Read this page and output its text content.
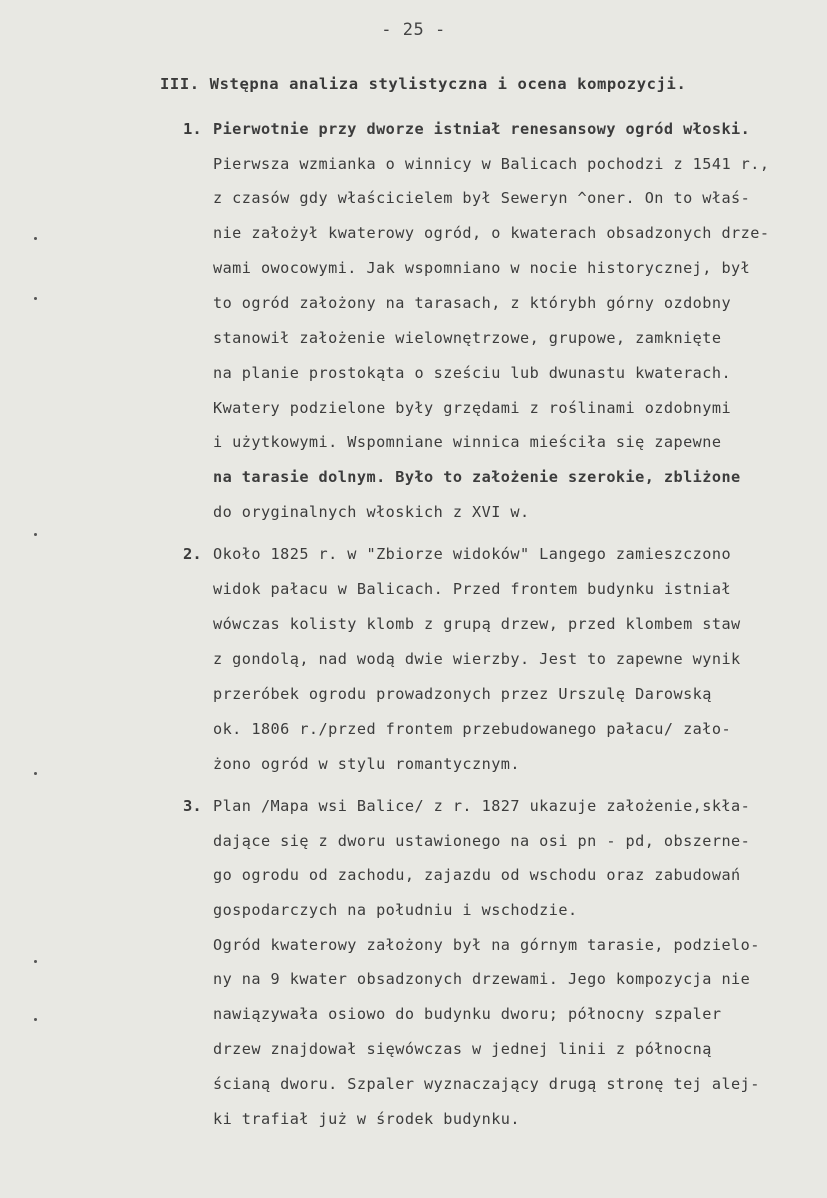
- 25 -
III. Wstępna analiza stylistyczna i ocena kompozycji.
1. Pierwotnie przy dworze istniał renesansowy ogród włoski.
Pierwsza wzmianka o winnicy w Balicach pochodzi z 1541 r.,
z czasów gdy właścicielem był Seweryn ^oner. On to właś-
nie założył kwaterowy ogród, o kwaterach obsadzonych drze-
wami owocowymi. Jak wspomniano w nocie historycznej, był
to ogród założony na tarasach, z którybh górny ozdobny
stanowił założenie wielownętrzowe, grupowe, zamknięte
na planie prostokąta o sześciu lub dwunastu kwaterach.
Kwatery podzielone były grzędami z roślinami ozdobnymi
i użytkowymi. Wspomniane winnica mieściła się zapewne
na tarasie dolnym. Było to założenie szerokie, zbliżone
do oryginalnych włoskich z XVI w.
2. Około 1825 r. w "Zbiorze widoków" Langego zamieszczono
widok pałacu w Balicach. Przed frontem budynku istniał
wówczas kolisty klomb z grupą drzew, przed klombem staw
z gondolą, nad wodą dwie wierzby. Jest to zapewne wynik
przeróbek ogrodu prowadzonych przez Urszulę Darowską
ok. 1806 r./przed frontem przebudowanego pałacu/ zało-
żono ogród w stylu romantycznym.
3. Plan /Mapa wsi Balice/ z r. 1827 ukazuje założenie,skła-
dające się z dworu ustawionego na osi pn - pd, obszerne-
go ogrodu od zachodu, zajazdu od wschodu oraz zabudowań
gospodarczych na południu i wschodzie.
Ogród kwaterowy założony był na górnym tarasie, podzielo-
ny na 9 kwater obsadzonych drzewami. Jego kompozycja nie
nawiązywała osiowo do budynku dworu; północny szpaler
drzew znajdował sięwówczas w jednej linii z północną
ścianą dworu. Szpaler wyznaczający drugą stronę tej alej-
ki trafiał już w środek budynku.
